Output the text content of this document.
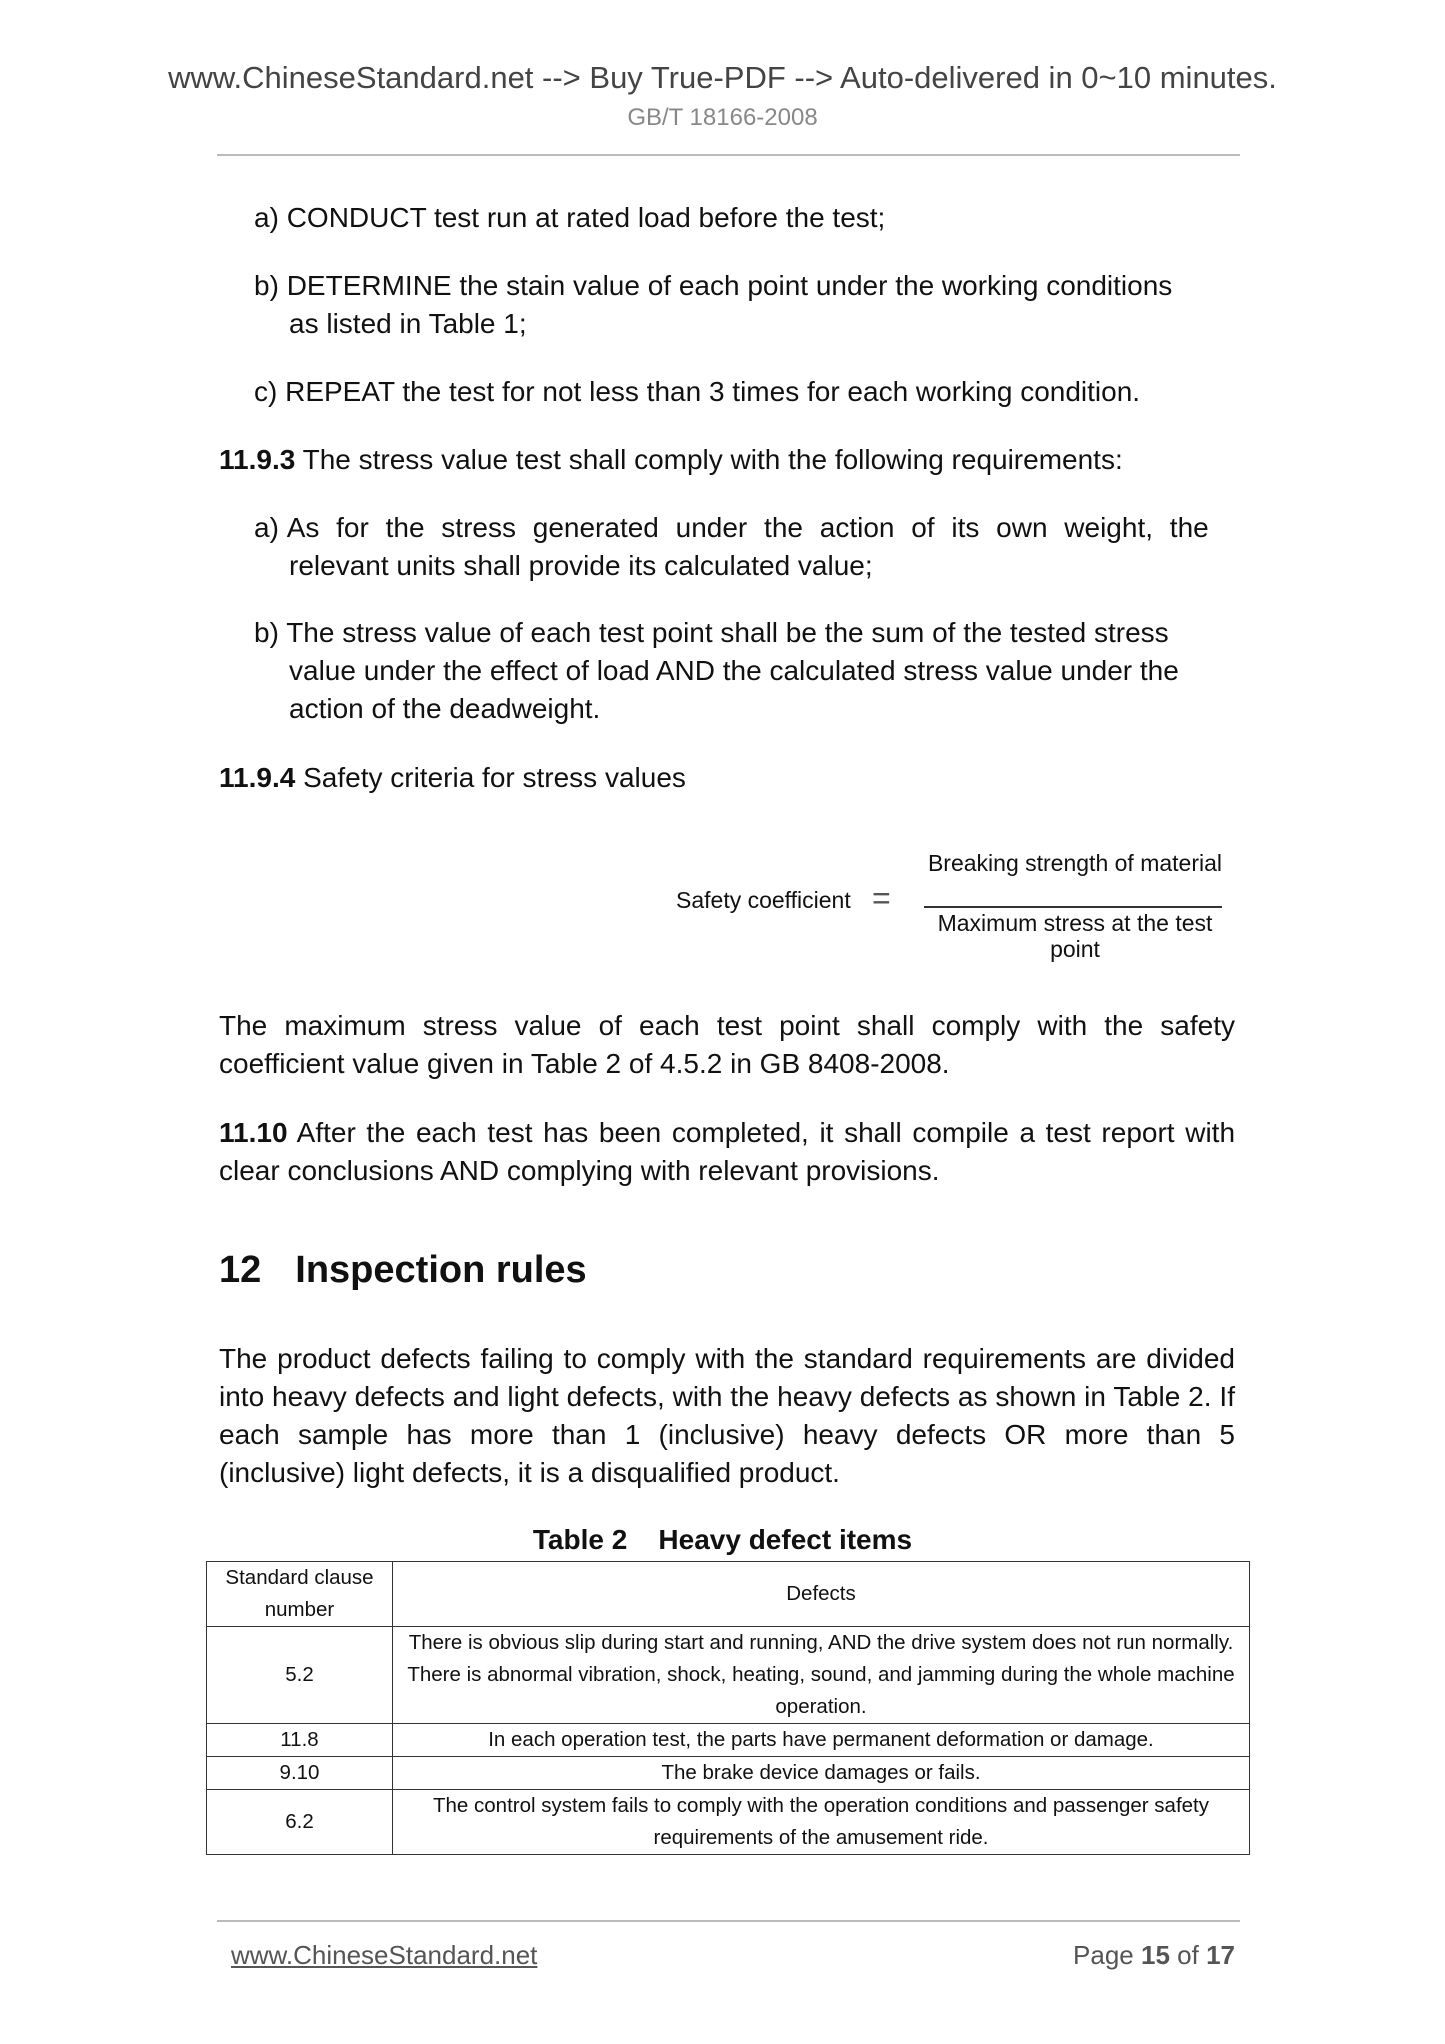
www.ChineseStandard.net --> Buy True-PDF --> Auto-delivered in 0~10 minutes.
GB/T 18166-2008
a) CONDUCT test run at rated load before the test;
b) DETERMINE the stain value of each point under the working conditions
as listed in Table 1;
c) REPEAT the test for not less than 3 times for each working condition.
11.9.3 The stress value test shall comply with the following requirements:
a) As for the stress generated under the action of its own weight, the
relevant units shall provide its calculated value;
b) The stress value of each test point shall be the sum of the tested stress
value under the effect of load AND the calculated stress value under the
action of the deadweight.
11.9.4 Safety criteria for stress values
Safety coefficient =
Breaking strength of material
Maximum stress at the test point
The maximum stress value of each test point shall comply with the safety coefficient value given in Table 2 of 4.5.2 in GB 8408-2008.
11.10 After the each test has been completed, it shall compile a test report with clear conclusions AND complying with relevant provisions.
12 Inspection rules
The product defects failing to comply with the standard requirements are divided into heavy defects and light defects, with the heavy defects as shown in Table 2. If each sample has more than 1 (inclusive) heavy defects OR more than 5 (inclusive) light defects, it is a disqualified product.
Table 2    Heavy defect items
Standard clause number	Defects
5.2	There is obvious slip during start and running, AND the drive system does not run normally. There is abnormal vibration, shock, heating, sound, and jamming during the whole machine operation.
11.8	In each operation test, the parts have permanent deformation or damage.
9.10	The brake device damages or fails.
6.2	The control system fails to comply with the operation conditions and passenger safety requirements of the amusement ride.
www.ChineseStandard.net	Page 15 of 17
